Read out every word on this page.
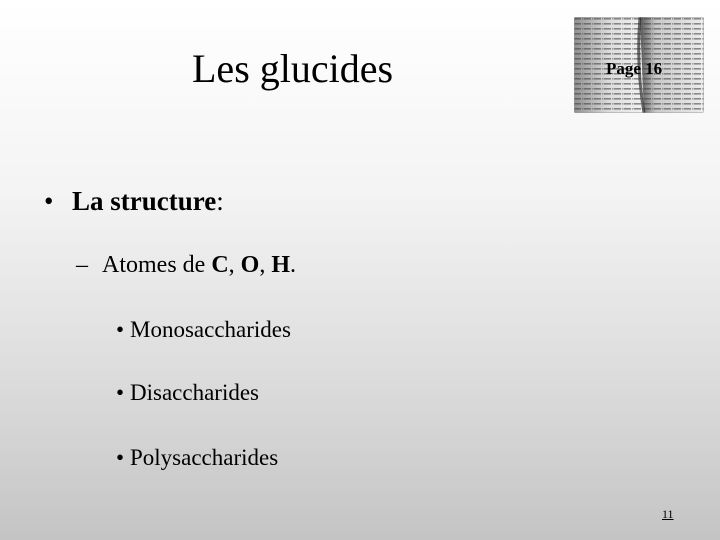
Les glucides	Page 16
• La structure:
– Atomes de C, O, H.
• Monosaccharides
• Disaccharides
• Polysaccharides
11
